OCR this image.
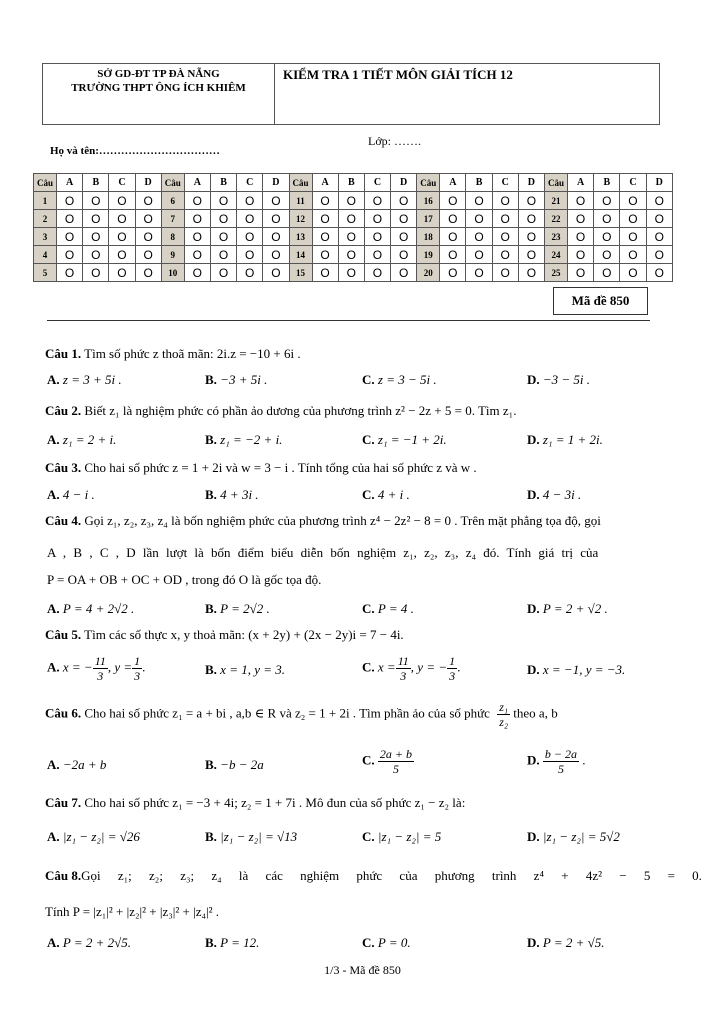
SỞ GD-ĐT TP ĐÀ NẴNG
TRƯỜNG THPT ÔNG ÍCH KHIÊM
KIỂM TRA 1 TIẾT MÔN GIẢI TÍCH 12
Họ và tên:……………………………
Lớp: …….
Câu	A	B	C	D	Câu	A	B	C	D	Câu	A	B	C	D	Câu	A	B	C	D	Câu	A	B	C	D
1	O	O	O	O	6	O	O	O	O	11	O	O	O	O	16	O	O	O	O	21	O	O	O	O
2	O	O	O	O	7	O	O	O	O	12	O	O	O	O	17	O	O	O	O	22	O	O	O	O
3	O	O	O	O	8	O	O	O	O	13	O	O	O	O	18	O	O	O	O	23	O	O	O	O
4	O	O	O	O	9	O	O	O	O	14	O	O	O	O	19	O	O	O	O	24	O	O	O	O
5	O	O	O	O	10	O	O	O	O	15	O	O	O	O	20	O	O	O	O	25	O	O	O	O
Mã đề 850
Câu 1. Tìm số phức z thoã mãn: 2i.z = −10 + 6i .
A. z = 3 + 5i .	B. −3 + 5i .	C. z = 3 − 5i .	D. −3 − 5i .
Câu 2. Biết z₁ là nghiệm phức có phần ảo dương của phương trình z² − 2z + 5 = 0. Tìm z₁.
A. z₁ = 2 + i.	B. z₁ = −2 + i.	C. z₁ = −1 + 2i.	D. z₁ = 1 + 2i.
Câu 3. Cho hai số phức z = 1 + 2i và w = 3 − i . Tính tổng của hai số phức z và w .
A. 4 − i .	B. 4 + 3i .	C. 4 + i .	D. 4 − 3i .
Câu 4. Gọi z₁, z₂, z₃, z₄ là bốn nghiệm phức của phương trình z⁴ − 2z² − 8 = 0 . Trên mặt phẳng tọa độ, gọi
A , B , C , D lần lượt là bốn điểm biểu diễn bốn nghiệm z₁, z₂, z₃, z₄ đó. Tính giá trị của
P = OA + OB + OC + OD , trong đó O là gốc tọa độ.
A. P = 4 + 2√2 .	B. P = 2√2 .	C. P = 4 .	D. P = 2 + √2 .
Câu 5. Tìm các số thực x, y thoả mãn: (x + 2y) + (2x − 2y)i = 7 − 4i.
A. x = − $\frac{11}{3}$ , $y = \frac{1}{3}$ .	B. x = 1, y = 3.	C. $x = \frac{11}{3}$ , y = − $\frac{1}{3}$ .	D. x = −1, y = −3.
Câu 6. Cho hai số phức z₁ = a + bi , a,b ∈ R và z₂ = 1 + 2i . Tìm phần ảo của số phức $\frac{\text{z₁}}{\text{z₂}}$ theo a, b
A. −2a + b	B. −b − 2a	C. $\frac{2a + b}{5}$	D. $\frac{b - 2a}{5}$ .
Câu 7. Cho hai số phức z₁ = −3 + 4i; z₂ = 1 + 7i . Mô đun của số phức z₁ − z₂ là:
A. |z₁ − z₂| = √26	B. |z₁ − z₂| = √13	C. |z₁ − z₂| = 5	D. |z₁ − z₂| = 5√2
Câu 8. Gọi z₁; z₂; z₃; z₄ là các nghiệm phức của phương trình z⁴ + 4z² − 5 = 0.
Tính P = |z₁|² + |z₂|² + |z₃|² + |z₄|² .
A. P = 2 + 2√5.	B. P = 12.	C. P = 0.	D. P = 2 + √5.
1/3 - Mã đề 850
